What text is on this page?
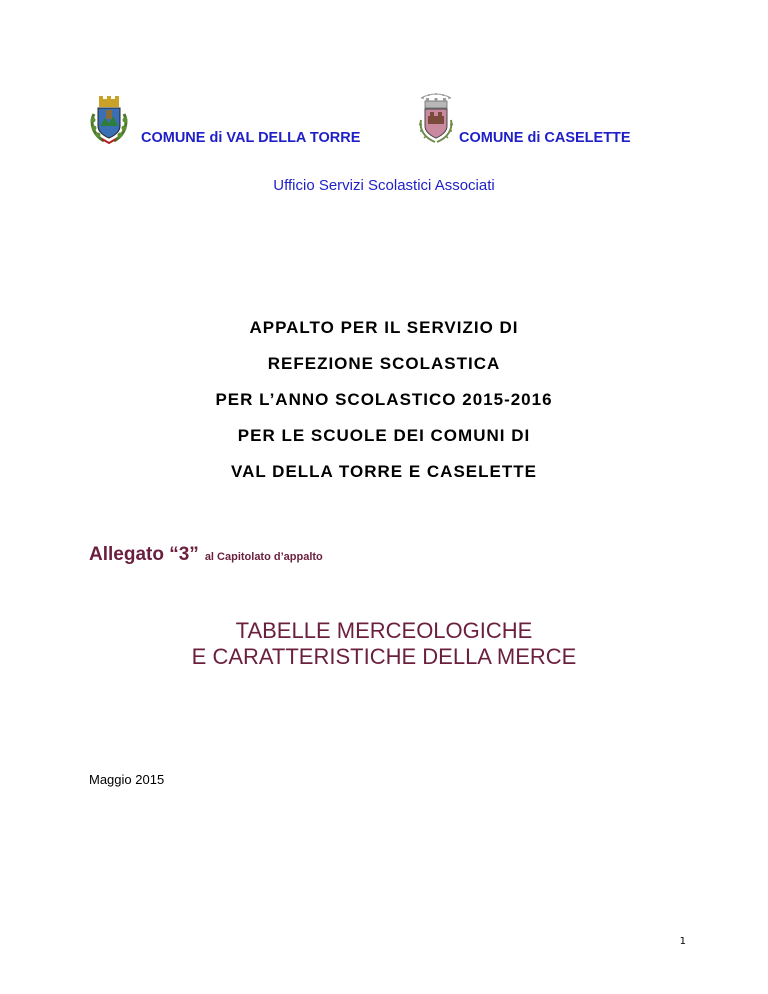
COMUNE di VAL DELLA TORRE	COMUNE di CASELETTE
Ufficio Servizi Scolastici Associati
APPALTO PER IL SERVIZIO DI
REFEZIONE SCOLASTICA
PER L’ANNO SCOLASTICO 2015-2016
PER LE SCUOLE DEI COMUNI DI
VAL DELLA TORRE E CASELETTE
Allegato “3” al Capitolato d’appalto
TABELLE MERCEOLOGICHE
E CARATTERISTICHE DELLA MERCE
Maggio 2015
1
